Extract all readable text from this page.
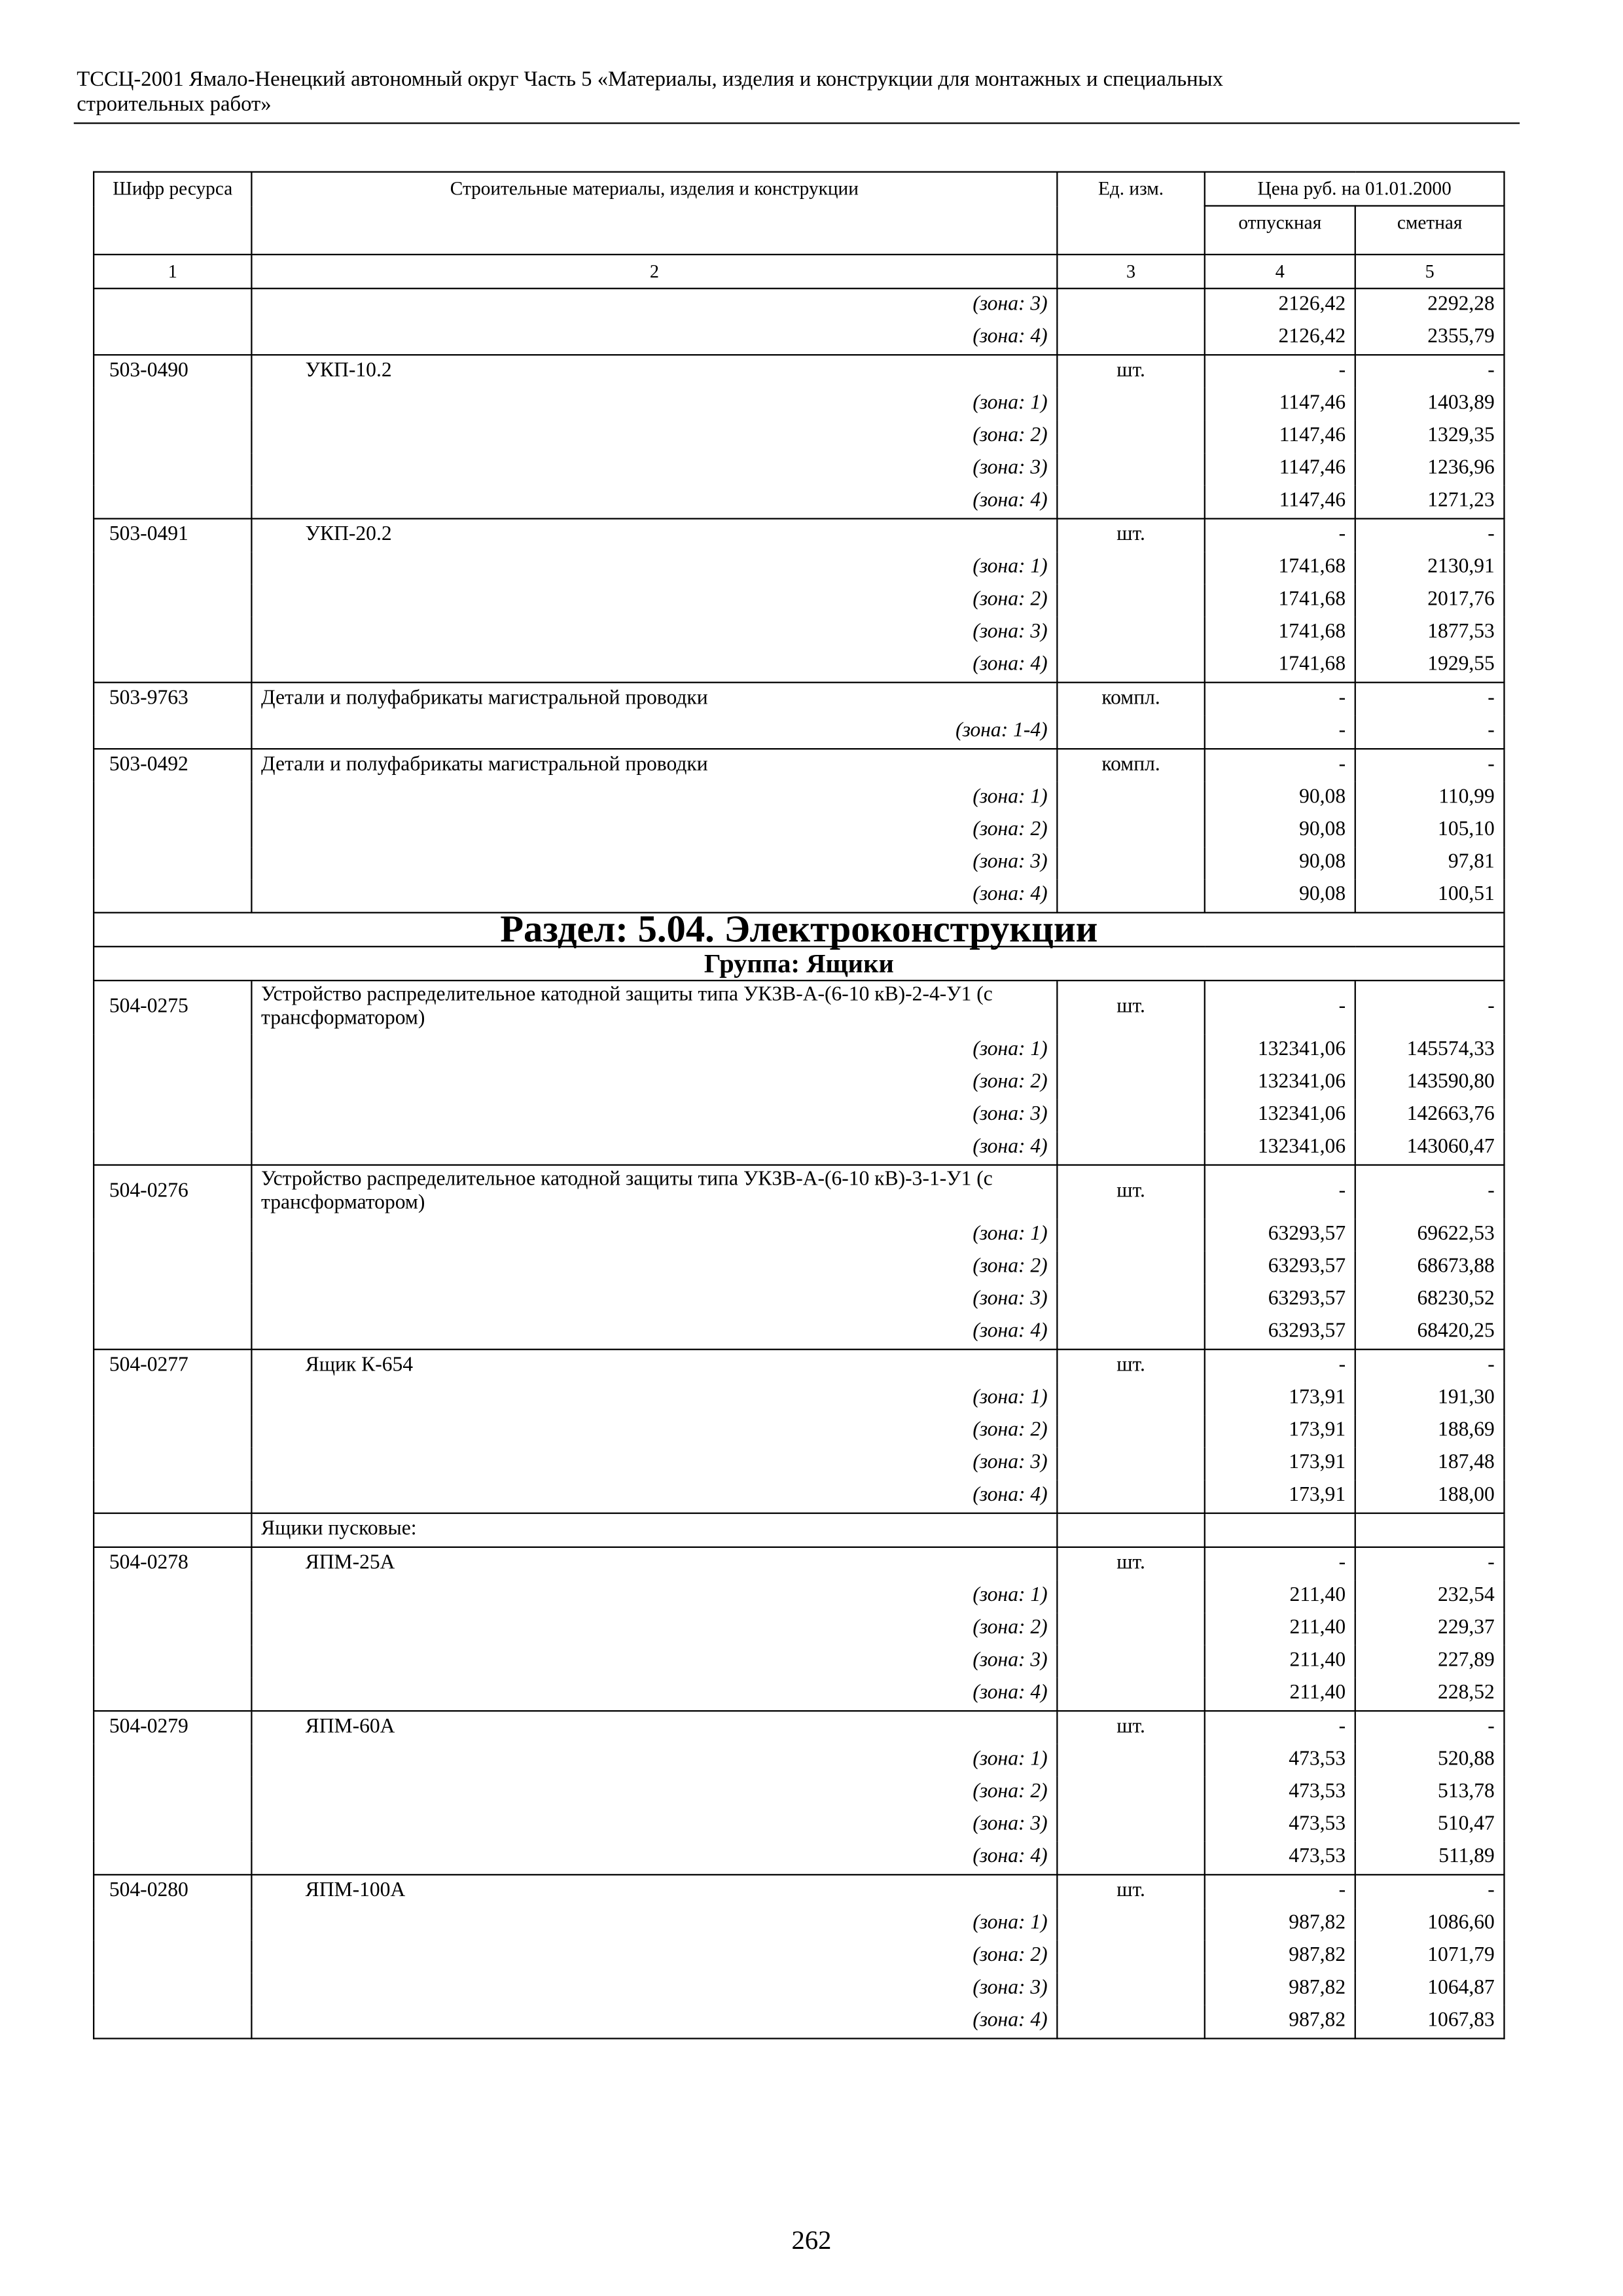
ТССЦ-2001 Ямало-Ненецкий автономный округ Часть 5 «Материалы, изделия и конструкции для монтажных и специальных
строительных работ»
Шифр ресурса	Строительные материалы, изделия и конструкции	Ед. изм.	Цена руб. на 01.01.2000	
			отпускная	сметная
1	2	3	4	5
	(зона: 3)		2126,42	2292,28
	(зона: 4)		2126,42	2355,79
503-0490	УКП-10.2	шт.	-	-
	(зона: 1)		1147,46	1403,89
	(зона: 2)		1147,46	1329,35
	(зона: 3)		1147,46	1236,96
	(зона: 4)		1147,46	1271,23
503-0491	УКП-20.2	шт.	-	-
	(зона: 1)		1741,68	2130,91
	(зона: 2)		1741,68	2017,76
	(зона: 3)		1741,68	1877,53
	(зона: 4)		1741,68	1929,55
503-9763	Детали и полуфабрикаты магистральной проводки	компл.	-	-
	(зона: 1-4)		-	-
503-0492	Детали и полуфабрикаты магистральной проводки	компл.	-	-
	(зона: 1)		90,08	110,99
	(зона: 2)		90,08	105,10
	(зона: 3)		90,08	97,81
	(зона: 4)		90,08	100,51
Раздел: 5.04. Электроконструкции				
Группа: Ящики				
504-0275	Устройство распределительное катодной защиты типа УКЗВ-А-(6-10 кВ)-2-4-У1 (с трансформатором)	шт.	-	-
	(зона: 1)		132341,06	145574,33
	(зона: 2)		132341,06	143590,80
	(зона: 3)		132341,06	142663,76
	(зона: 4)		132341,06	143060,47
504-0276	Устройство распределительное катодной защиты типа УКЗВ-А-(6-10 кВ)-3-1-У1 (с трансформатором)	шт.	-	-
	(зона: 1)		63293,57	69622,53
	(зона: 2)		63293,57	68673,88
	(зона: 3)		63293,57	68230,52
	(зона: 4)		63293,57	68420,25
504-0277	Ящик К-654	шт.	-	-
	(зона: 1)		173,91	191,30
	(зона: 2)		173,91	188,69
	(зона: 3)		173,91	187,48
	(зона: 4)		173,91	188,00
	Ящики пусковые:			
504-0278	ЯПМ-25А	шт.	-	-
	(зона: 1)		211,40	232,54
	(зона: 2)		211,40	229,37
	(зона: 3)		211,40	227,89
	(зона: 4)		211,40	228,52
504-0279	ЯПМ-60А	шт.	-	-
	(зона: 1)		473,53	520,88
	(зона: 2)		473,53	513,78
	(зона: 3)		473,53	510,47
	(зона: 4)		473,53	511,89
504-0280	ЯПМ-100А	шт.	-	-
	(зона: 1)		987,82	1086,60
	(зона: 2)		987,82	1071,79
	(зона: 3)		987,82	1064,87
	(зона: 4)		987,82	1067,83
262
